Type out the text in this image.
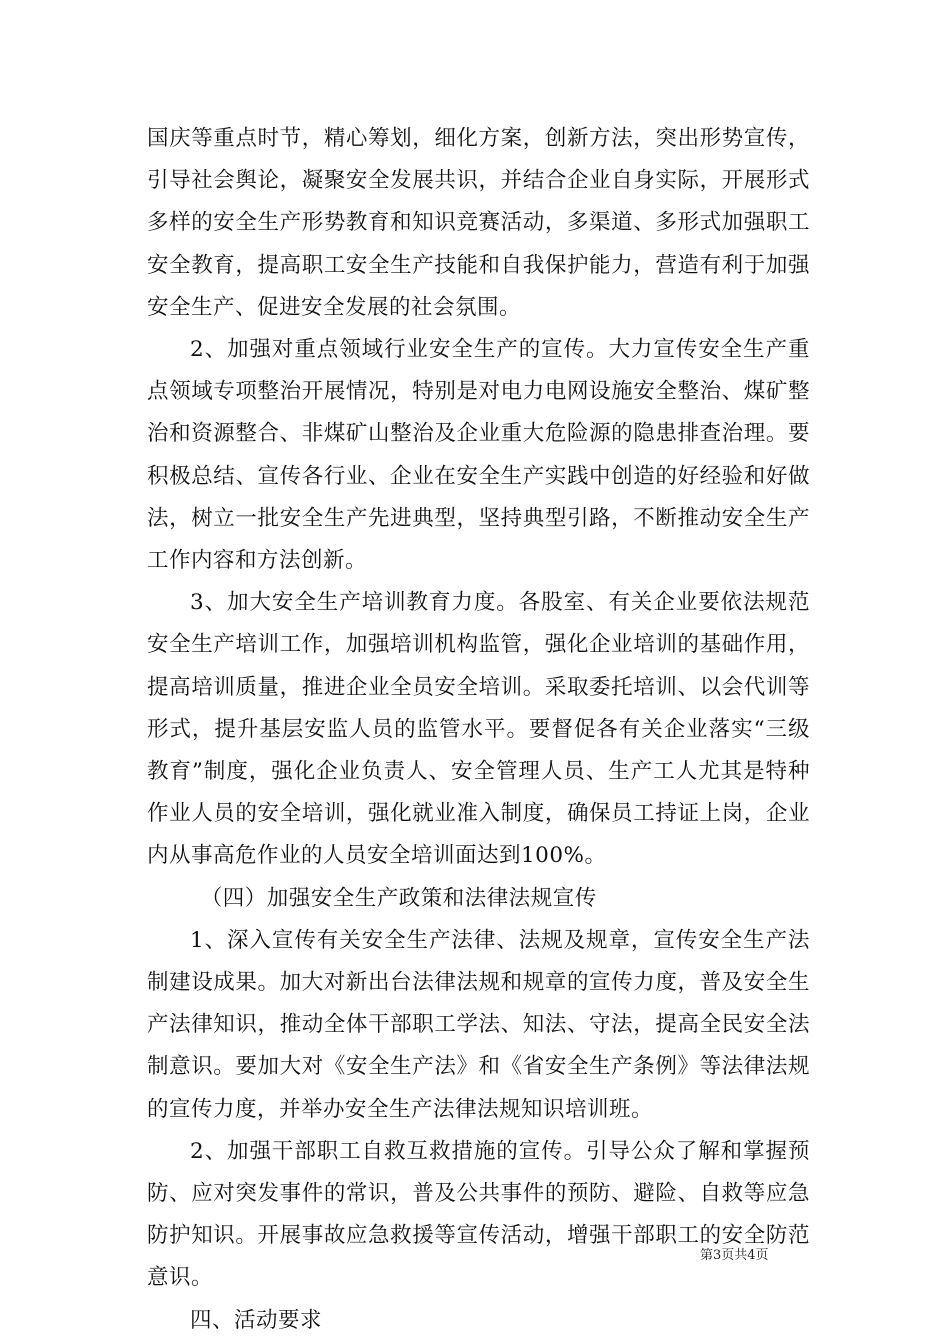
国庆等重点时节，精心筹划，细化方案，创新方法，突出形势宣传，引导社会舆论，凝聚安全发展共识，并结合企业自身实际，开展形式多样的安全生产形势教育和知识竞赛活动，多渠道、多形式加强职工安全教育，提高职工安全生产技能和自我保护能力，营造有利于加强安全生产、促进安全发展的社会氛围。

2、加强对重点领域行业安全生产的宣传。大力宣传安全生产重点领域专项整治开展情况，特别是对电力电网设施安全整治、煤矿整治和资源整合、非煤矿山整治及企业重大危险源的隐患排查治理。要积极总结、宣传各行业、企业在安全生产实践中创造的好经验和好做法，树立一批安全生产先进典型，坚持典型引路，不断推动安全生产工作内容和方法创新。

3、加大安全生产培训教育力度。各股室、有关企业要依法规范安全生产培训工作，加强培训机构监管，强化企业培训的基础作用，提高培训质量，推进企业全员安全培训。采取委托培训、以会代训等形式，提升基层安监人员的监管水平。要督促各有关企业落实“三级教育”制度，强化企业负责人、安全管理人员、生产工人尤其是特种作业人员的安全培训，强化就业准入制度，确保员工持证上岗，企业内从事高危作业的人员安全培训面达到100%。

（四）加强安全生产政策和法律法规宣传

1、深入宣传有关安全生产法律、法规及规章，宣传安全生产法制建设成果。加大对新出台法律法规和规章的宣传力度，普及安全生产法律知识，推动全体干部职工学法、知法、守法，提高全民安全法制意识。要加大对《安全生产法》和《省安全生产条例》等法律法规的宣传力度，并举办安全生产法律法规知识培训班。

2、加强干部职工自救互救措施的宣传。引导公众了解和掌握预防、应对突发事件的常识，普及公共事件的预防、避险、自救等应急防护知识。开展事故应急救援等宣传活动，增强干部职工的安全防范意识。

四、活动要求

第3页共4页
